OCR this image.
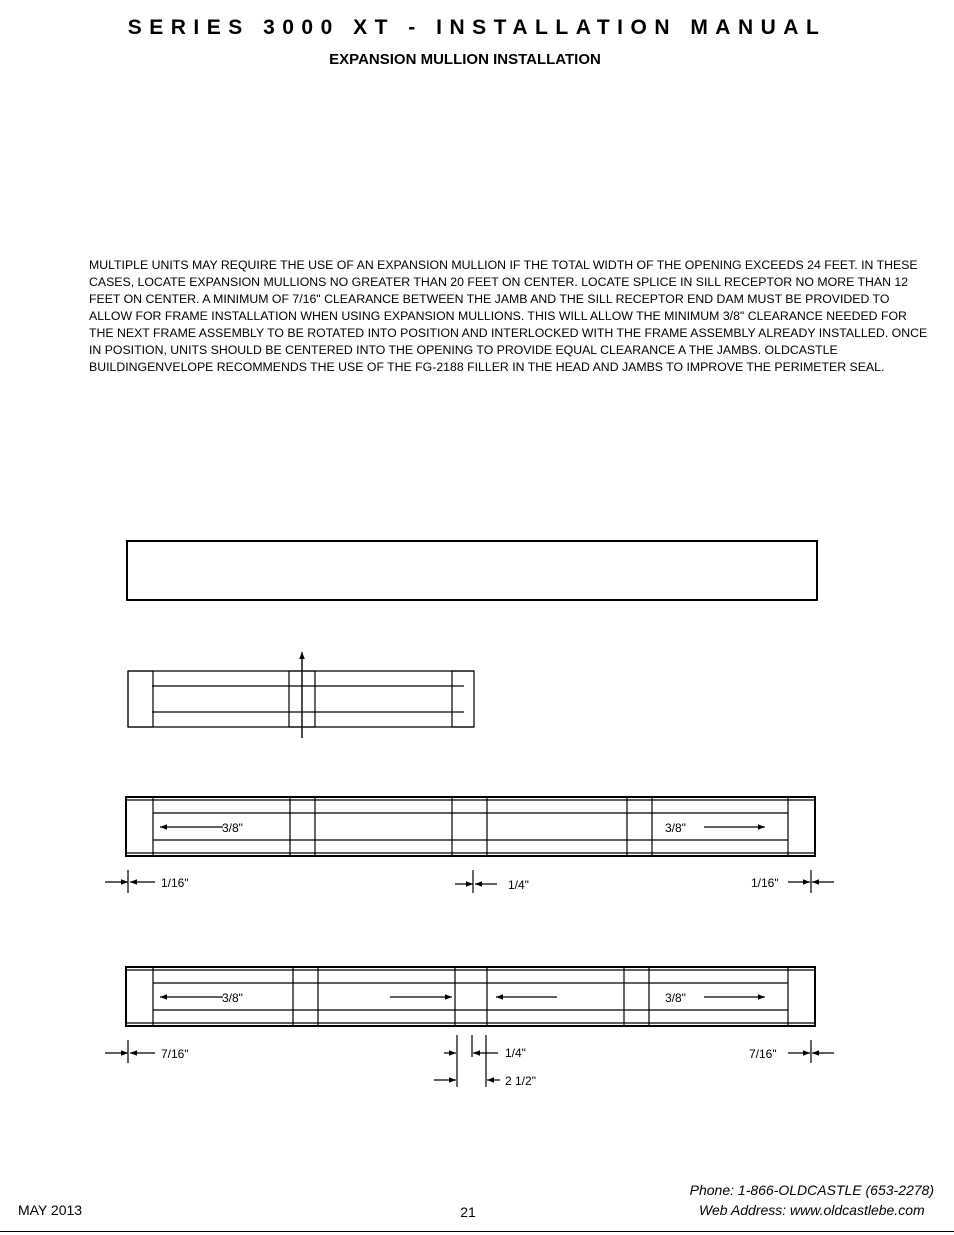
SERIES 3000 XT - INSTALLATION MANUAL
EXPANSION MULLION INSTALLATION

MULTIPLE UNITS MAY REQUIRE THE USE OF AN EXPANSION MULLION IF THE TOTAL WIDTH OF THE OPENING EXCEEDS 24 FEET. IN THESE CASES, LOCATE EXPANSION MULLIONS NO GREATER THAN 20 FEET ON CENTER. LOCATE SPLICE IN SILL RECEPTOR NO MORE THAN 12 FEET ON CENTER. A MINIMUM OF 7/16" CLEARANCE BETWEEN THE JAMB AND THE SILL RECEPTOR END DAM MUST BE PROVIDED TO ALLOW FOR FRAME INSTALLATION WHEN USING EXPANSION MULLIONS. THIS WILL ALLOW THE MINIMUM 3/8" CLEARANCE NEEDED FOR THE NEXT FRAME ASSEMBLY TO BE ROTATED INTO POSITION AND INTERLOCKED WITH THE FRAME ASSEMBLY ALREADY INSTALLED. ONCE IN POSITION, UNITS SHOULD BE CENTERED INTO THE OPENING TO PROVIDE EQUAL CLEARANCE A THE JAMBS. OLDCASTLE BUILDINGENVELOPE RECOMMENDS THE USE OF THE FG-2188 FILLER IN THE HEAD AND JAMBS TO IMPROVE THE PERIMETER SEAL.

3/8"	3/8"
1/16"	1/4"	1/16"
3/8"	3/8"
7/16"	1/4"
2 1/2"
7/16"
MAY 2013	21
Phone: 1-866-OLDCASTLE (653-2278)
Web Address: www.oldcastlebe.com
